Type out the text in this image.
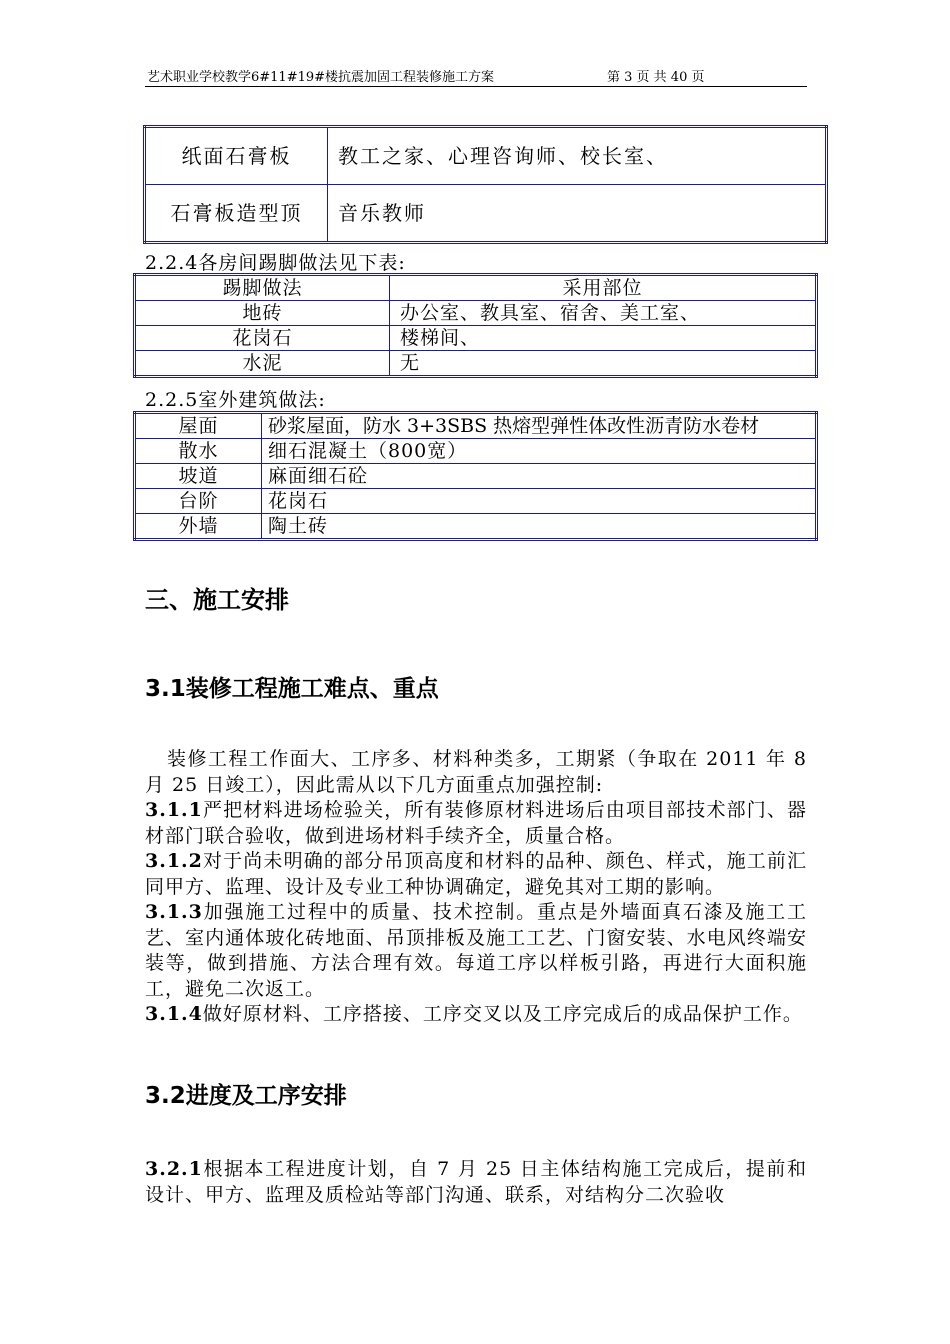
艺术职业学校教学6#11#19#楼抗震加固工程装修施工方案	第 3 页 共 40 页
纸面石膏板	教工之家、心理咨询师、校长室、
石膏板造型顶	音乐教师
2.2.4各房间踢脚做法见下表:
踢脚做法	采用部位
地砖	办公室、教具室、宿舍、美工室、
花岗石	楼梯间、
水泥	无
2.2.5室外建筑做法:
屋面	砂浆屋面，防水 3+3SBS 热熔型弹性体改性沥青防水卷材
散水	细石混凝土（800宽）
坡道	麻面细石砼
台阶	花岗石
外墙	陶土砖
三、施工安排
3.1装修工程施工难点、重点

装修工程工作面大、工序多、材料种类多，工期紧（争取在 2011 年 8 月 25 日竣工），因此需从以下几方面重点加强控制:

3.1.1严把材料进场检验关，所有装修原材料进场后由项目部技术部门、器材部门联合验收，做到进场材料手续齐全，质量合格。

3.1.2对于尚未明确的部分吊顶高度和材料的品种、颜色、样式，施工前汇同甲方、监理、设计及专业工种协调确定，避免其对工期的影响。

3.1.3加强施工过程中的质量、技术控制。重点是外墙面真石漆及施工工艺、室内通体玻化砖地面、吊顶排板及施工工艺、门窗安装、水电风终端安装等，做到措施、方法合理有效。每道工序以样板引路，再进行大面积施工，避免二次返工。

3.1.4做好原材料、工序搭接、工序交叉以及工序完成后的成品保护工作。

3.2进度及工序安排

3.2.1根据本工程进度计划，自 7 月 25 日主体结构施工完成后，提前和设计、甲方、监理及质检站等部门沟通、联系，对结构分二次验收
